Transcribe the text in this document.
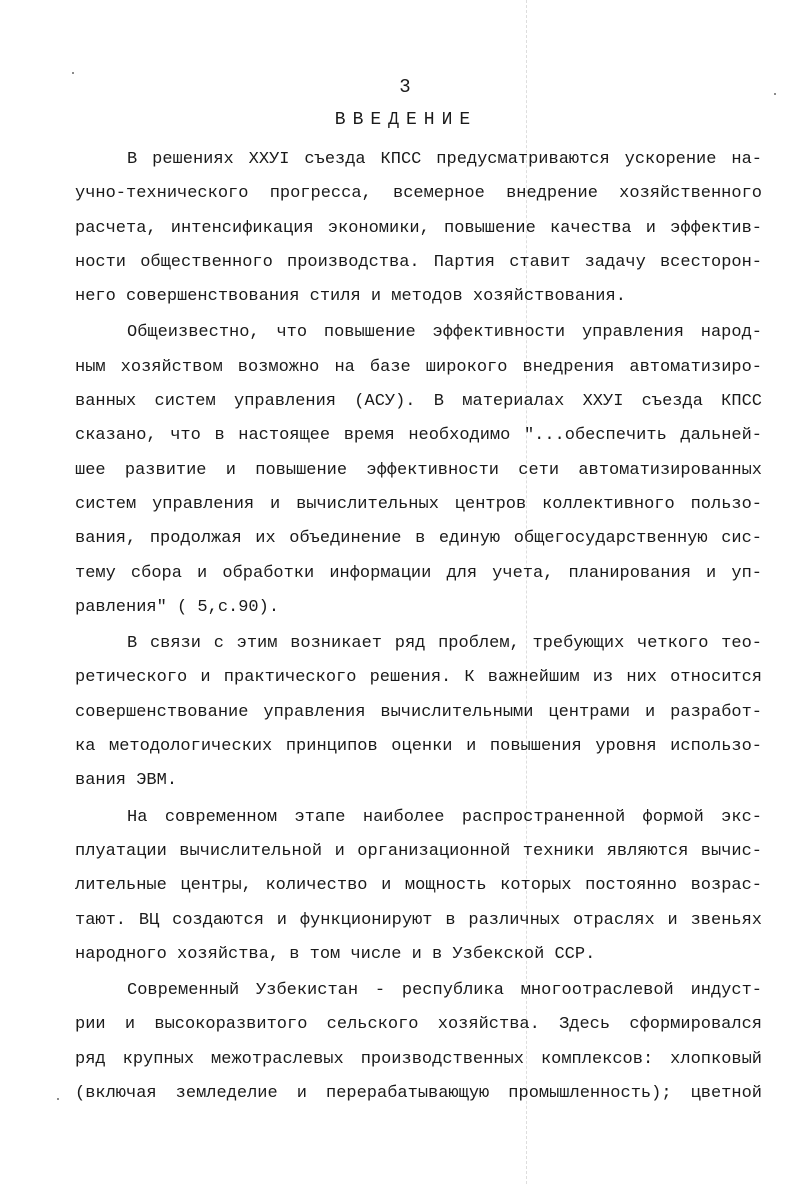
3
ВВЕДЕНИЕ
В решениях XXУI съезда КПСС предусматриваются ускорение на-
учно-технического прогресса, всемерное внедрение хозяйственного
расчета, интенсификация экономики, повышение качества и эффектив-
ности общественного производства. Партия ставит задачу всесторон-
него совершенствования стиля и методов хозяйствования.
Общеизвестно, что повышение эффективности управления народ-
ным хозяйством возможно на базе широкого внедрения автоматизиро-
ванных систем управления (АСУ). В материалах XXУI съезда КПСС
сказано, что в настоящее время необходимо "...обеспечить дальней-
шее развитие и повышение эффективности сети автоматизированных
систем управления и вычислительных центров коллективного пользо-
вания, продолжая их объединение в единую общегосударственную сис-
тему сбора и обработки информации для учета, планирования и уп-
равления" ( 5,с.90).
В связи с этим возникает ряд проблем, требующих четкого тео-
ретического и практического решения. К важнейшим из них относится
совершенствование управления вычислительными центрами и разработ-
ка методологических принципов оценки и повышения уровня использо-
вания ЭВМ.
На современном этапе наиболее распространенной формой экс-
плуатации вычислительной и организационной техники являются вычис-
лительные центры, количество и мощность которых постоянно возрас-
тают. ВЦ создаются и функционируют в различных отраслях и звеньях
народного хозяйства, в том числе и в Узбекской ССР.
Современный Узбекистан - республика многоотраслевой индуст-
рии и высокоразвитого сельского хозяйства. Здесь сформировался
ряд крупных межотраслевых производственных комплексов: хлопковый
(включая земледелие и перерабатывающую промышленность); цветной
